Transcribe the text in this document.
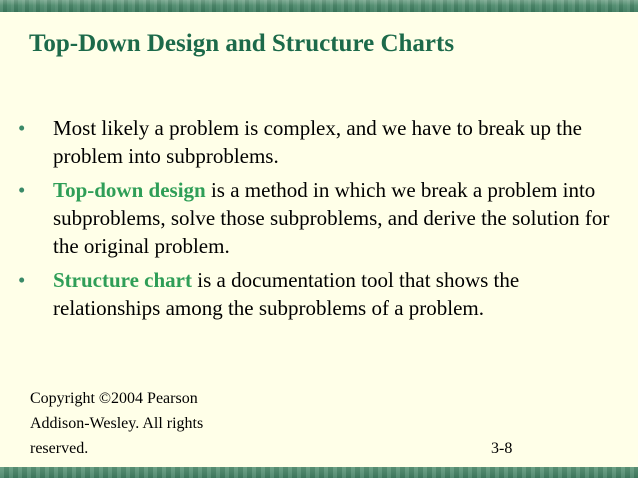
Top-Down Design and Structure Charts
• Most likely a problem is complex, and we have to break up the problem into subproblems.
• Top-down design is a method in which we break a problem into subproblems, solve those subproblems, and derive the solution for the original problem.
• Structure chart is a documentation tool that shows the relationships among the subproblems of a problem.
Copyright ©2004 Pearson
Addison-Wesley. All rights
reserved.	3-8
